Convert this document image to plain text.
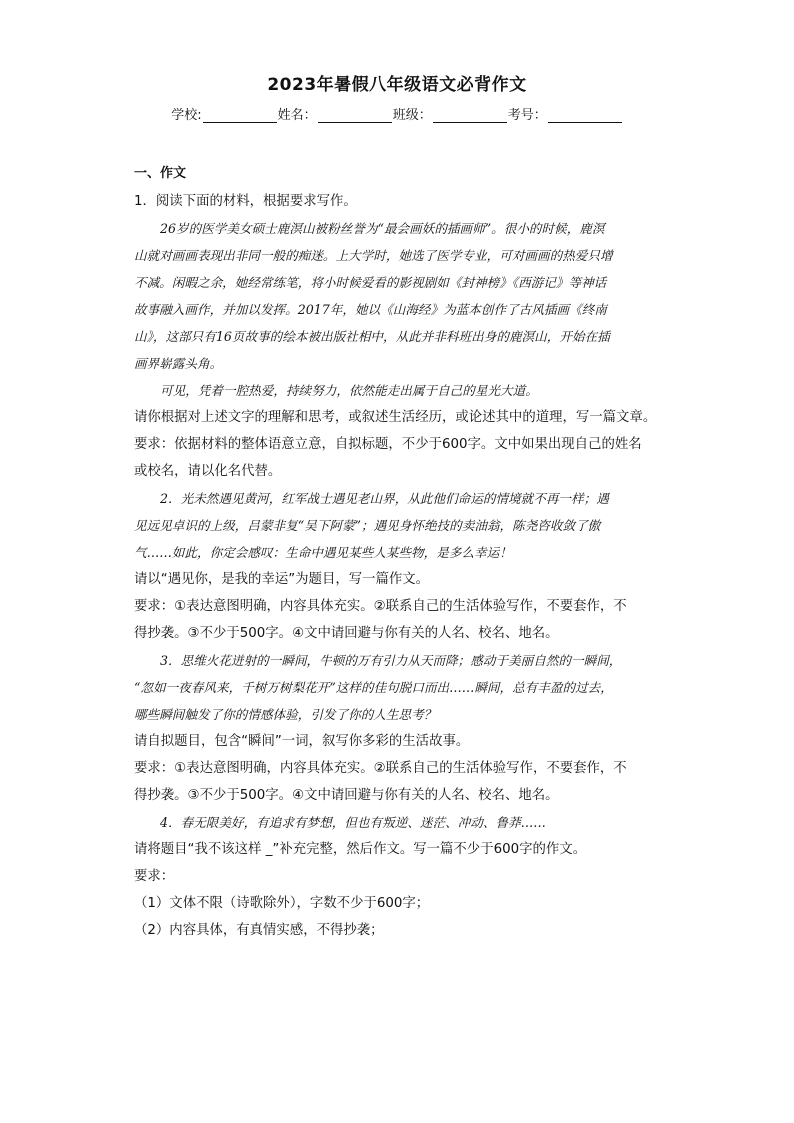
2023年暑假八年级语文必背作文
学校:	姓名：	班级：	考号：
一、作文
1．阅读下面的材料，根据要求写作。
26岁的医学美女硕士鹿溟山被粉丝誉为“最会画妖的插画师”。很小的时候，鹿溟
山就对画画表现出非同一般的痴迷。上大学时，她选了医学专业，可对画画的热爱只增
不减。闲暇之余，她经常练笔，将小时候爱看的影视剧如《封神榜》《西游记》等神话
故事融入画作，并加以发挥。2017年，她以《山海经》为蓝本创作了古风插画《终南
山》，这部只有16页故事的绘本被出版社相中，从此并非科班出身的鹿溟山，开始在插
画界崭露头角。
可见，凭着一腔热爱，持续努力，依然能走出属于自己的星光大道。
请你根据对上述文字的理解和思考，或叙述生活经历，或论述其中的道理，写一篇文章。
要求：依据材料的整体语意立意，自拟标题，不少于600字。文中如果出现自己的姓名
或校名，请以化名代替。
2．光未然遇见黄河，红军战士遇见老山界，从此他们命运的情境就不再一样；遇
见远见卓识的上级，吕蒙非复“吴下阿蒙”；遇见身怀绝技的卖油翁，陈尧咨收敛了傲
气……如此，你定会感叹：生命中遇见某些人某些物，是多么幸运！
请以“遇见你，是我的幸运”为题目，写一篇作文。
要求：①表达意图明确，内容具体充实。②联系自己的生活体验写作，不要套作，不
得抄袭。③不少于500字。④文中请回避与你有关的人名、校名、地名。
3．思维火花迸射的一瞬间，牛顿的万有引力从天而降；感动于美丽自然的一瞬间，
“忽如一夜春风来，千树万树梨花开”这样的佳句脱口而出……瞬间，总有丰盈的过去，
哪些瞬间触发了你的情感体验，引发了你的人生思考？
请自拟题目，包含“瞬间”一词，叙写你多彩的生活故事。
要求：①表达意图明确，内容具体充实。②联系自己的生活体验写作，不要套作，不
得抄袭。③不少于500字。④文中请回避与你有关的人名、校名、地名。
4．春无限美好，有追求有梦想，但也有叛逆、迷茫、冲动、鲁莽……
请将题目“我不该这样 _”补充完整，然后作文。写一篇不少于600字的作文。
要求：
（1）文体不限（诗歌除外），字数不少于600字；
（2）内容具体，有真情实感，不得抄袭；
